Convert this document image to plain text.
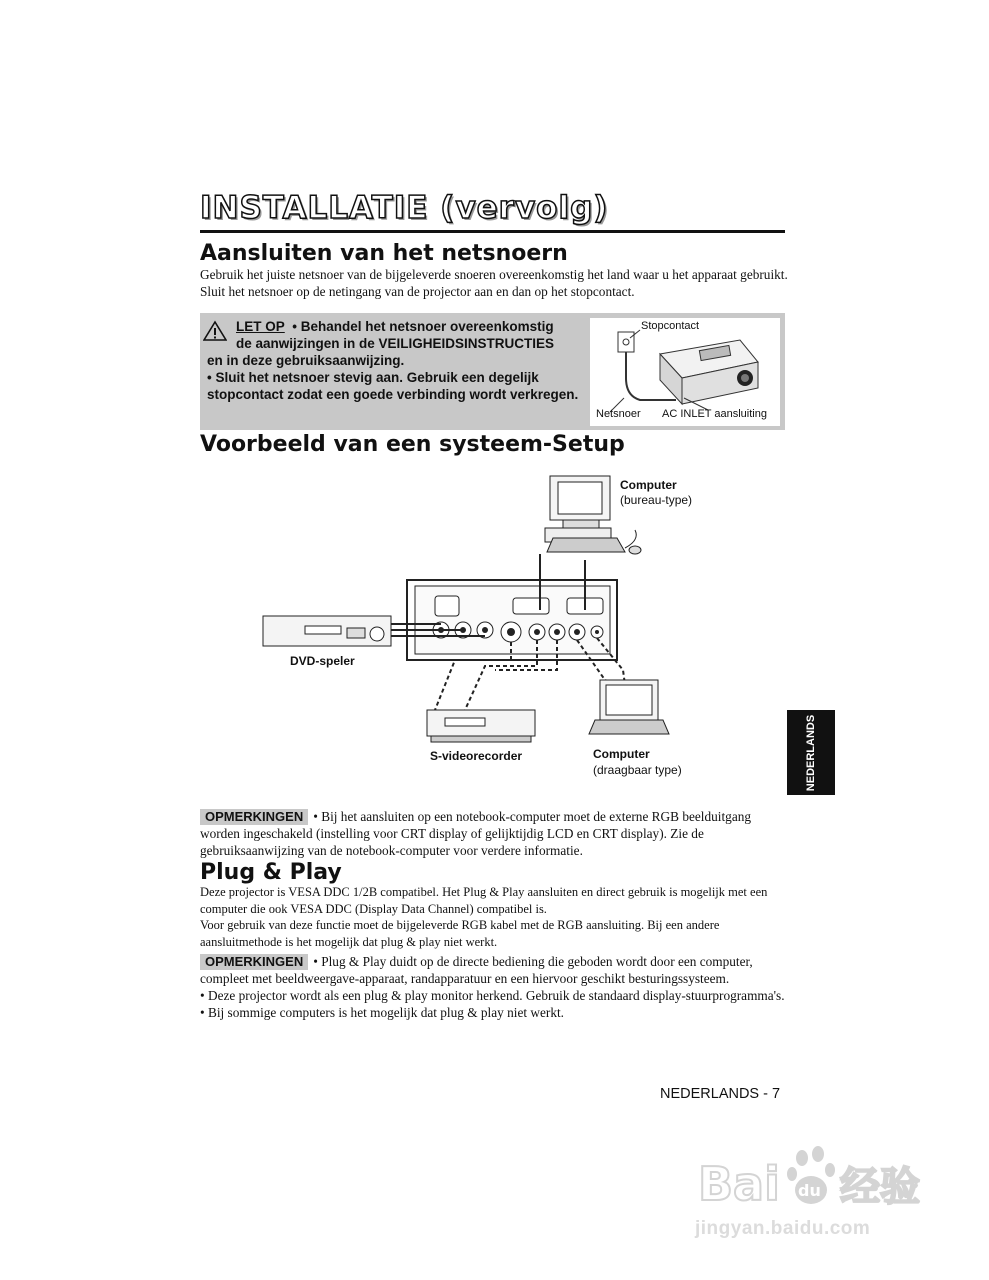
INSTALLATIE (vervolg)
Aansluiten van het netsnoern
Gebruik het juiste netsnoer van de bijgeleverde snoeren overeenkomstig het land waar u het apparaat gebruikt. Sluit het netsnoer op de netingang van de projector aan en dan op het stopcontact.
LET OP • Behandel het netsnoer overeenkomstig
de aanwijzingen in de VEILIGHEIDSINSTRUCTIES
en in deze gebruiksaanwijzing.
• Sluit het netsnoer stevig aan. Gebruik een degelijk stopcontact zodat een goede verbinding wordt verkregen.
Stopcontact
Netsnoer AC INLET aansluiting
Voorbeeld van een systeem-Setup
Computer
(bureau-type)
DVD-speler
S-videorecorder	Computer
(draagbaar type)	NEDERLANDS
OPMERKINGEN • Bij het aansluiten op een notebook-computer moet de externe RGB beelduitgang worden ingeschakeld (instelling voor CRT display of gelijktijdig LCD en CRT display). Zie de gebruiksaanwijzing van de notebook-computer voor verdere informatie.
Plug & Play
Deze projector is VESA DDC 1/2B compatibel. Het Plug & Play aansluiten en direct gebruik is mogelijk met een computer die ook VESA DDC (Display Data Channel) compatibel is.
Voor gebruik van deze functie moet de bijgeleverde RGB kabel met de RGB aansluiting. Bij een andere aansluitmethode is het mogelijk dat plug & play niet werkt.
OPMERKINGEN • Plug & Play duidt op de directe bediening die geboden wordt door een computer, compleet met beeldweergave-apparaat, randapparatuur en een hiervoor geschikt besturingssysteem.
• Deze projector wordt als een plug & play monitor herkend. Gebruik de standaard display-stuurprogramma's.
• Bij sommige computers is het mogelijk dat plug & play niet werkt.
NEDERLANDS - 7
Bai du 经验
jingyan.baidu.com
